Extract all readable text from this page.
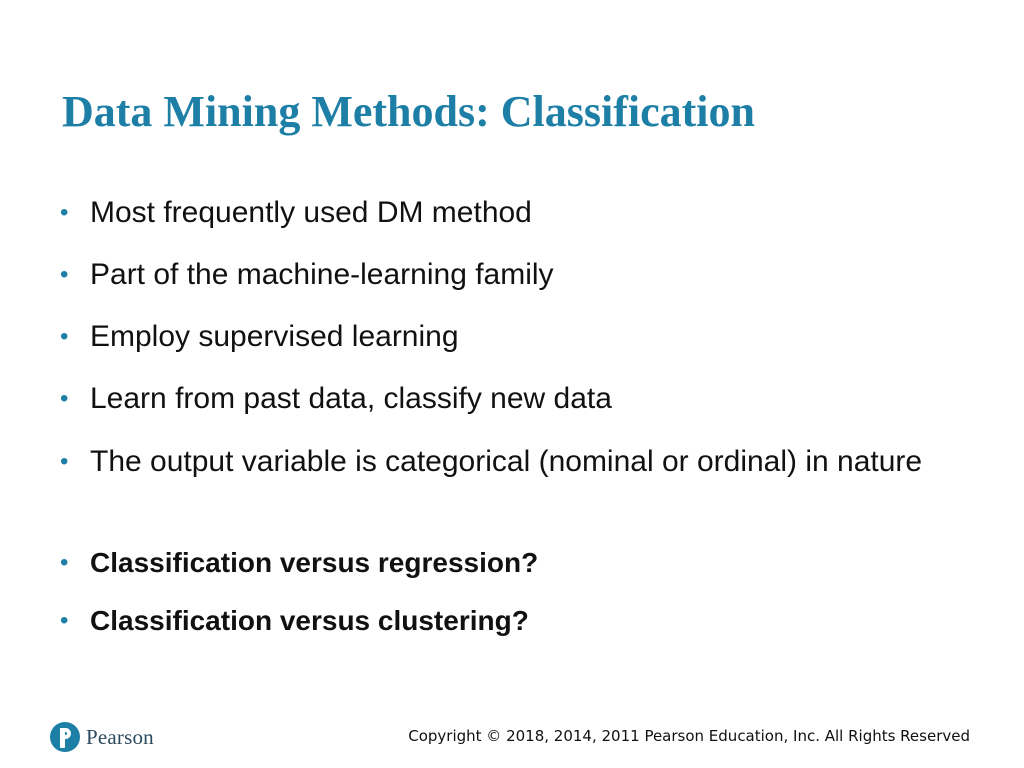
Data Mining Methods: Classification
• Most frequently used DM method
• Part of the machine-learning family
• Employ supervised learning
• Learn from past data, classify new data
• The output variable is categorical (nominal or ordinal) in nature
• Classification versus regression?
• Classification versus clustering?
Pearson	Copyright © 2018, 2014, 2011 Pearson Education, Inc. All Rights Reserved
